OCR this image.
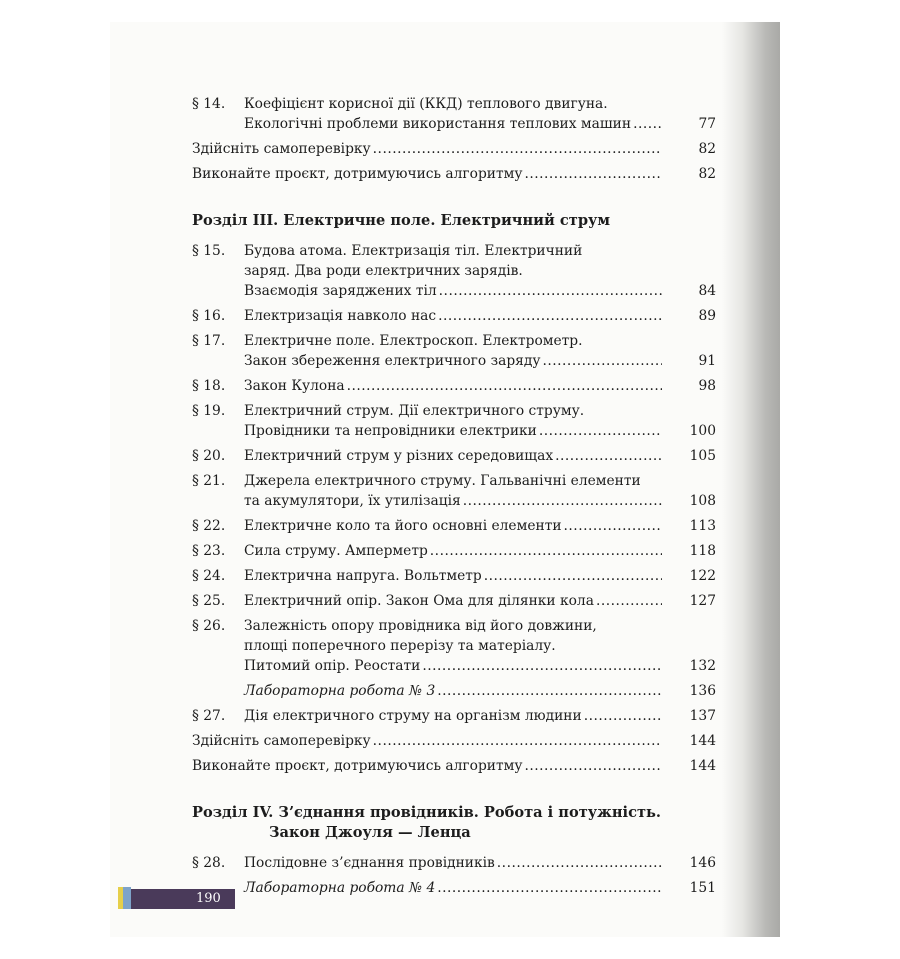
§ 14.	Коефіцієнт корисної дії (ККД) теплового двигуна.
Екологічні проблеми використання теплових машин .....	77
Здійсніть самоперевірку .....	82
Виконайте проєкт, дотримуючись алгоритму .....	82
Розділ III. Електричне поле. Електричний струм
§ 15.	Будова атома. Електризація тіл. Електричний
заряд. Два роди електричних зарядів.
Взаємодія заряджених тіл .....	84
§ 16.	Електризація навколо нас .....	89
§ 17.	Електричне поле. Електроскоп. Електрометр.
Закон збереження електричного заряду .....	91
§ 18.	Закон Кулона .....	98
§ 19.	Електричний струм. Дії електричного струму.
Провідники та непровідники електрики .....	100
§ 20.	Електричний струм у різних середовищах .....	105
§ 21.	Джерела електричного струму. Гальванічні елементи
та акумулятори, їх утилізація .....	108
§ 22.	Електричне коло та його основні елементи .....	113
§ 23.	Сила струму. Амперметр .....	118
§ 24.	Електрична напруга. Вольтметр .....	122
§ 25.	Електричний опір. Закон Ома для ділянки кола .....	127
§ 26.	Залежність опору провідника від його довжини,
площі поперечного перерізу та матеріалу.
Питомий опір. Реостати .....	132
Лабораторна робота № 3 .....	136
§ 27.	Дія електричного струму на організм людини .....	137
Здійсніть самоперевірку .....	144
Виконайте проєкт, дотримуючись алгоритму .....	144
Розділ IV. З’єднання провідників. Робота і потужність.
Закон Джоуля — Ленца
§ 28.	Послідовне з’єднання провідників .....	146
Лабораторна робота № 4 .....	151
190
